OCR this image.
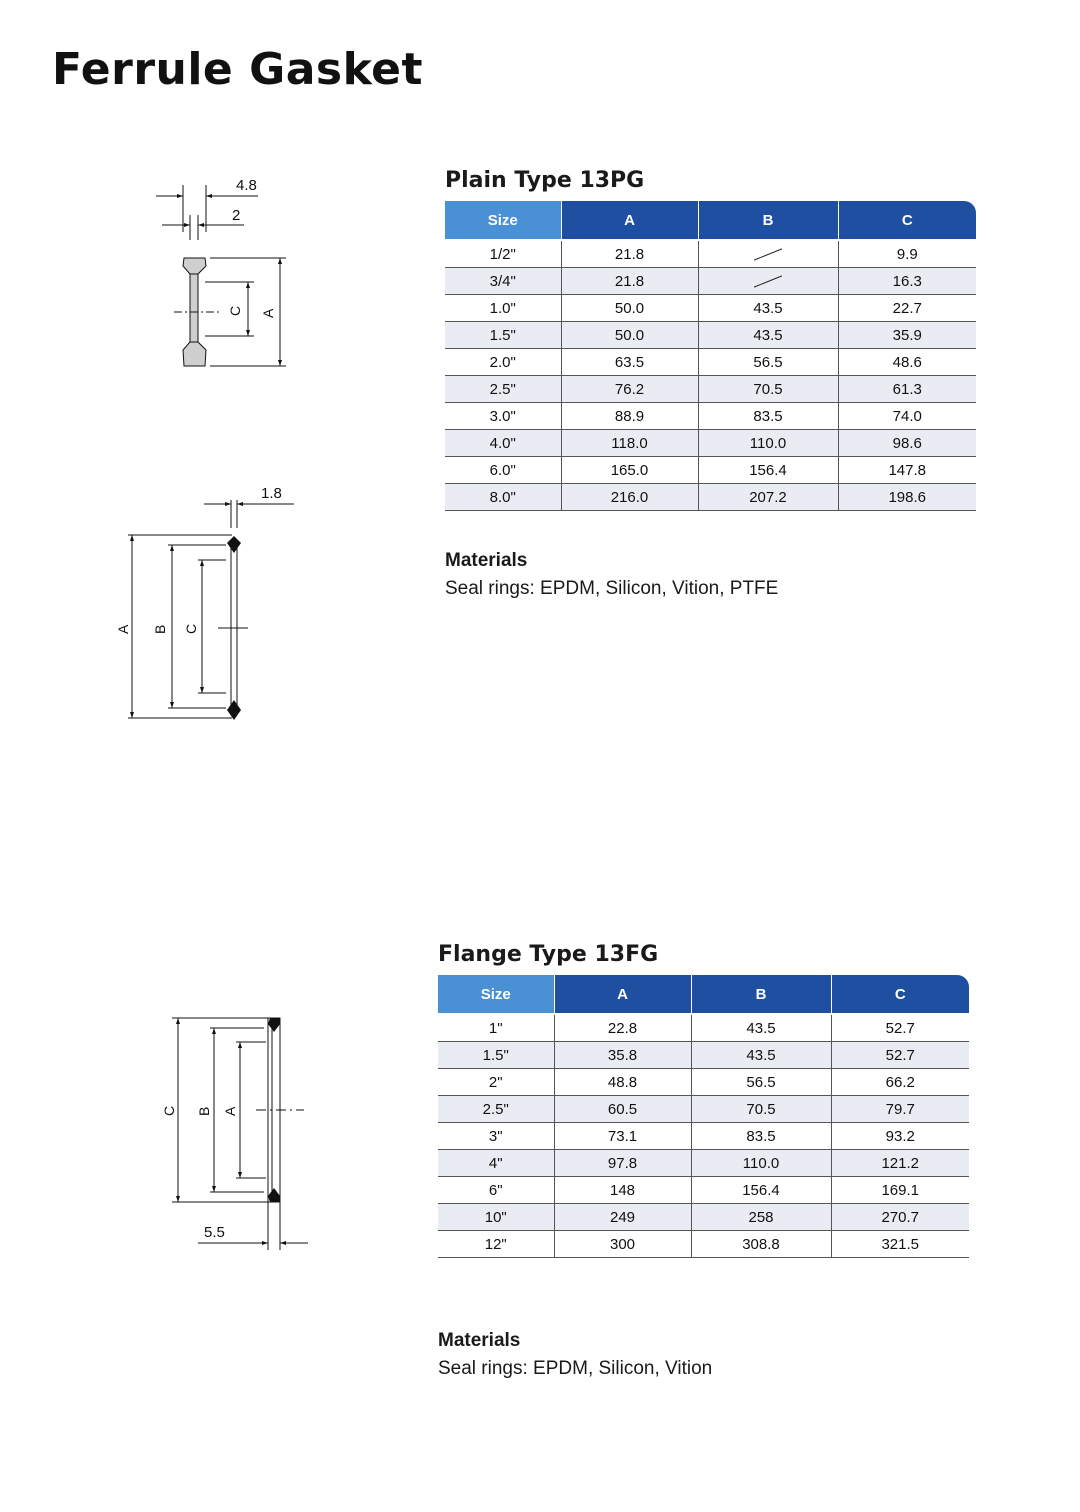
Ferrule Gasket
4.8
2
C A
1.8
A B C
Plain Type 13PG
Size	A	B	C
1/2"	21.8		9.9
3/4"	21.8		16.3
1.0"	50.0	43.5	22.7
1.5"	50.0	43.5	35.9
2.0"	63.5	56.5	48.6
2.5"	76.2	70.5	61.3
3.0"	88.9	83.5	74.0
4.0"	118.0	110.0	98.6
6.0"	165.0	156.4	147.8
8.0"	216.0	207.2	198.6
Materials

Seal rings: EPDM, Silicon, Vition, PTFE

C B A
5.5
Flange Type 13FG
Size	A	B	C
1"	22.8	43.5	52.7
1.5"	35.8	43.5	52.7
2"	48.8	56.5	66.2
2.5"	60.5	70.5	79.7
3"	73.1	83.5	93.2
4"	97.8	110.0	121.2
6"	148	156.4	169.1
10"	249	258	270.7
12"	300	308.8	321.5
Materials

Seal rings: EPDM, Silicon, Vition
